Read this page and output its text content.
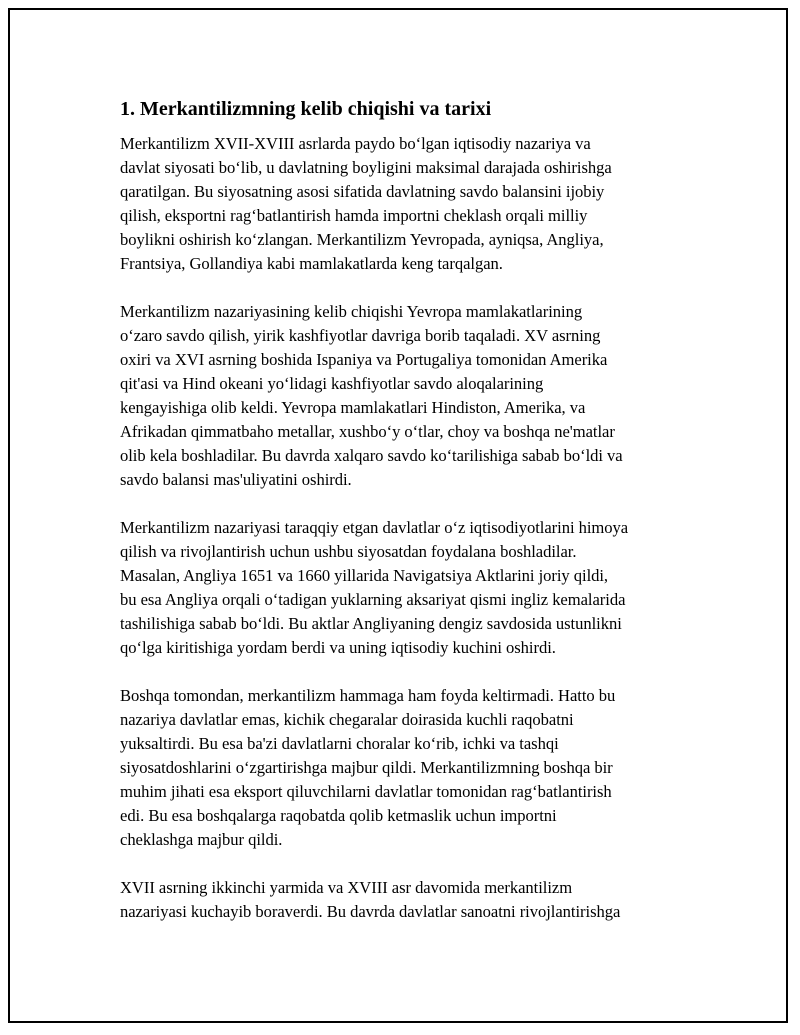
1. Merkantilizmning kelib chiqishi va tarixi

Merkantilizm XVII-XVIII asrlarda paydo bo‘lgan iqtisodiy nazariya va
davlat siyosati bo‘lib, u davlatning boyligini maksimal darajada oshirishga
qaratilgan. Bu siyosatning asosi sifatida davlatning savdo balansini ijobiy
qilish, eksportni rag‘batlantirish hamda importni cheklash orqali milliy
boylikni oshirish ko‘zlangan. Merkantilizm Yevropada, ayniqsa, Angliya,
Frantsiya, Gollandiya kabi mamlakatlarda keng tarqalgan.

Merkantilizm nazariyasining kelib chiqishi Yevropa mamlakatlarining
o‘zaro savdo qilish, yirik kashfiyotlar davriga borib taqaladi. XV asrning
oxiri va XVI asrning boshida Ispaniya va Portugaliya tomonidan Amerika
qit'asi va Hind okeani yo‘lidagi kashfiyotlar savdo aloqalarining
kengayishiga olib keldi. Yevropa mamlakatlari Hindiston, Amerika, va
Afrikadan qimmatbaho metallar, xushbo‘y o‘tlar, choy va boshqa ne'matlar
olib kela boshladilar. Bu davrda xalqaro savdo ko‘tarilishiga sabab bo‘ldi va
savdo balansi mas'uliyatini oshirdi.

Merkantilizm nazariyasi taraqqiy etgan davlatlar o‘z iqtisodiyotlarini himoya
qilish va rivojlantirish uchun ushbu siyosatdan foydalana boshladilar.
Masalan, Angliya 1651 va 1660 yillarida Navigatsiya Aktlarini joriy qildi,
bu esa Angliya orqali o‘tadigan yuklarning aksariyat qismi ingliz kemalarida
tashilishiga sabab bo‘ldi. Bu aktlar Angliyaning dengiz savdosida ustunlikni
qo‘lga kiritishiga yordam berdi va uning iqtisodiy kuchini oshirdi.

Boshqa tomondan, merkantilizm hammaga ham foyda keltirmadi. Hatto bu
nazariya davlatlar emas, kichik chegaralar doirasida kuchli raqobatni
yuksaltirdi. Bu esa ba'zi davlatlarni choralar ko‘rib, ichki va tashqi
siyosatdoshlarini o‘zgartirishga majbur qildi. Merkantilizmning boshqa bir
muhim jihati esa eksport qiluvchilarni davlatlar tomonidan rag‘batlantirish
edi. Bu esa boshqalarga raqobatda qolib ketmaslik uchun importni
cheklashga majbur qildi.

XVII asrning ikkinchi yarmida va XVIII asr davomida merkantilizm
nazariyasi kuchayib boraverdi. Bu davrda davlatlar sanoatni rivojlantirishga
